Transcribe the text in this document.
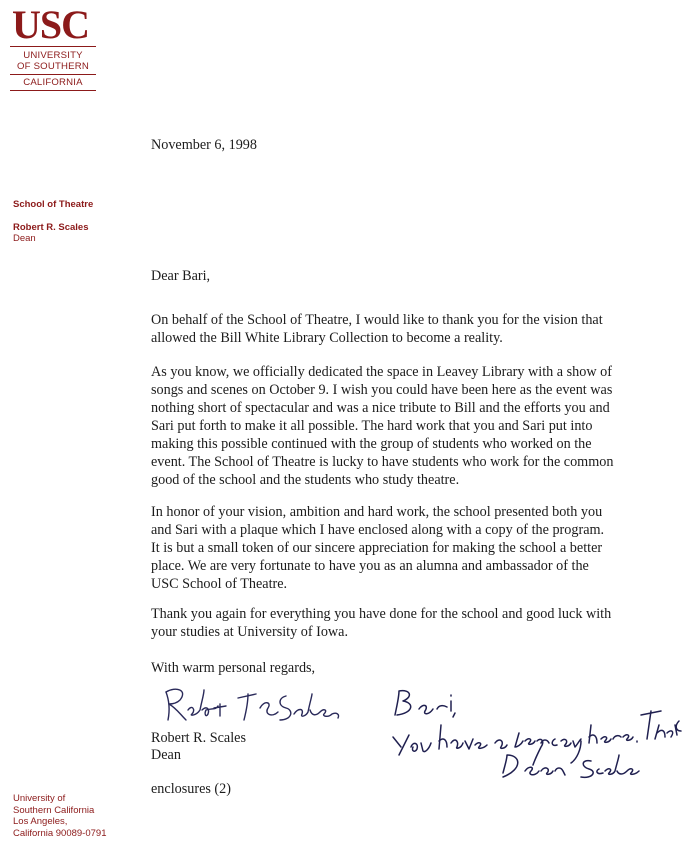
USC
UNIVERSITY
OF SOUTHERN
CALIFORNIA
School of Theatre
Robert R. Scales
Dean
University of
Southern California
Los Angeles,
California 90089-0791
November 6, 1998
Dear Bari,
On behalf of the School of Theatre, I would like to thank you for the vision that
allowed the Bill White Library Collection to become a reality.
As you know, we officially dedicated the space in Leavey Library with a show of
songs and scenes on October 9. I wish you could have been here as the event was
nothing short of spectacular and was a nice tribute to Bill and the efforts you and
Sari put forth to make it all possible. The hard work that you and Sari put into
making this possible continued with the group of students who worked on the
event. The School of Theatre is lucky to have students who work for the common
good of the school and the students who study theatre.
In honor of your vision, ambition and hard work, the school presented both you
and Sari with a plaque which I have enclosed along with a copy of the program.
It is but a small token of our sincere appreciation for making the school a better
place. We are very fortunate to have you as an alumna and ambassador of the
USC School of Theatre.
Thank you again for everything you have done for the school and good luck with
your studies at University of Iowa.
With warm personal regards,
Robert R. Scales
Dean
enclosures (2)
